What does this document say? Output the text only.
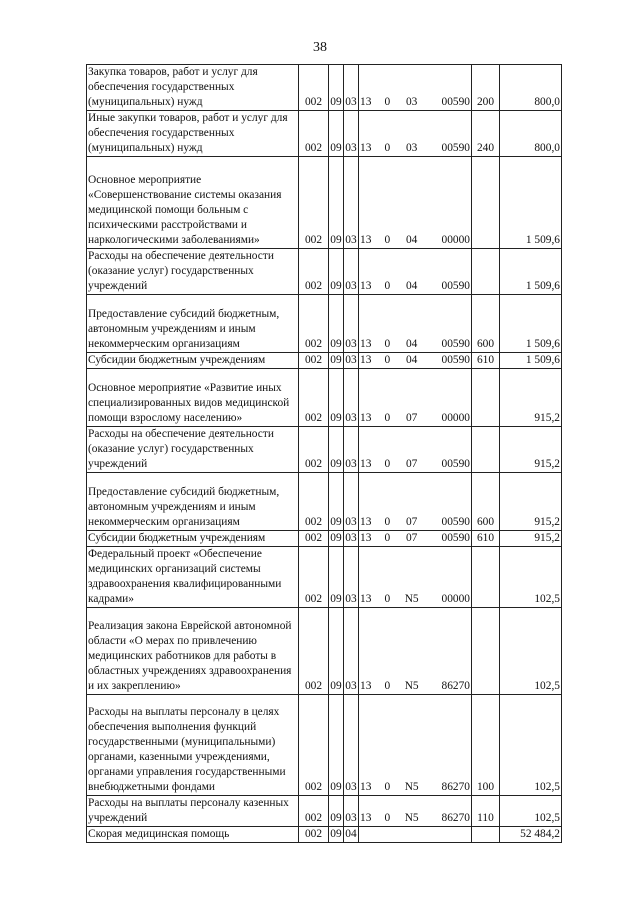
38
Закупка товаров, работ и услуг для обеспечения государственных (муниципальных) нужд	002	09	03	13 0 03 00590	200	800,0
Иные закупки товаров, работ и услуг для обеспечения государственных (муниципальных) нужд	002	09	03	13 0 03 00590	240	800,0
Основное мероприятие «Совершенствование системы оказания медицинской помощи больным с психическими расстройствами и наркологическими заболеваниями»	002	09	03	13 0 04 00000		1 509,6
Расходы на обеспечение деятельности (оказание услуг) государственных учреждений	002	09	03	13 0 04 00590		1 509,6
Предоставление субсидий бюджетным, автономным учреждениям и иным некоммерческим организациям	002	09	03	13 0 04 00590	600	1 509,6
Субсидии бюджетным учреждениям	002	09	03	13 0 04 00590	610	1 509,6
Основное мероприятие «Развитие иных специализированных видов медицинской помощи взрослому населению»	002	09	03	13 0 07 00000		915,2
Расходы на обеспечение деятельности (оказание услуг) государственных учреждений	002	09	03	13 0 07 00590		915,2
Предоставление субсидий бюджетным, автономным учреждениям и иным некоммерческим организациям	002	09	03	13 0 07 00590	600	915,2
Субсидии бюджетным учреждениям	002	09	03	13 0 07 00590	610	915,2
Федеральный проект «Обеспечение медицинских организаций системы здравоохранения квалифицированными кадрами»	002	09	03	13 0 N5 00000		102,5
Реализация закона Еврейской автономной области «О мерах по привлечению медицинских работников для работы в областных учреждениях здравоохранения и их закреплению»	002	09	03	13 0 N5 86270		102,5
Расходы на выплаты персоналу в целях обеспечения выполнения функций государственными (муниципальными) органами, казенными учреждениями, органами управления государственными внебюджетными фондами	002	09	03	13 0 N5 86270	100	102,5
Расходы на выплаты персоналу казенных учреждений	002	09	03	13 0 N5 86270	110	102,5
Скорая медицинская помощь	002	09	04			52 484,2
